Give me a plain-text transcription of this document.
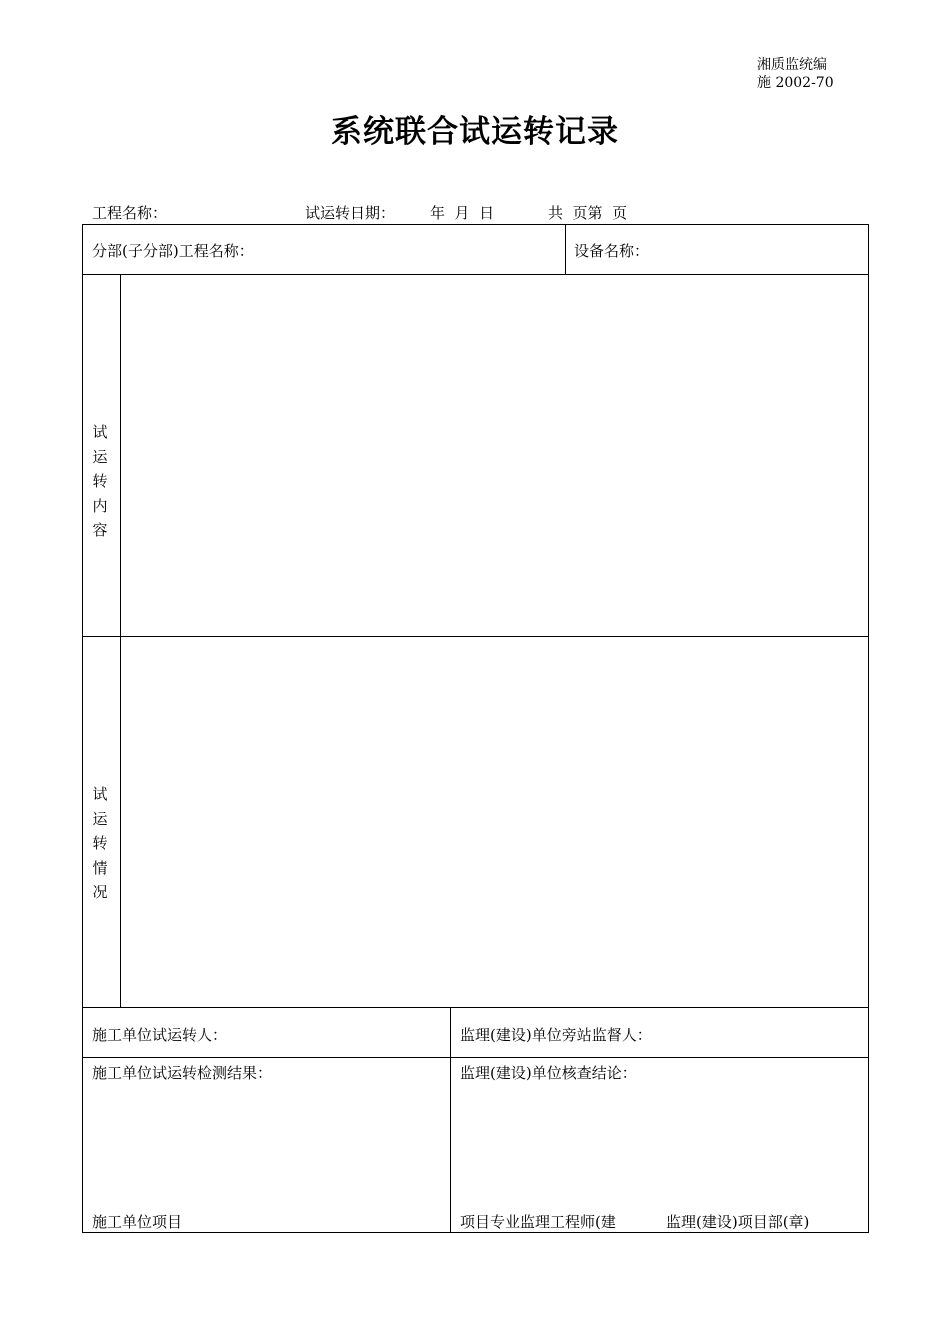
湘质监统编
施 2002-70
系统联合试运转记录
工程名称：	试运转日期： 年  月  日	共  页第  页
分部(子分部)工程名称：	设备名称：
试
运
转
内
容
试
运
转
情
况
施工单位试运转人：	监理(建设)单位旁站监督人：
施工单位试运转检测结果：	监理(建设)单位核查结论：
施工单位项目	项目专业监理工程师(建	监理(建设)项目部(章)
